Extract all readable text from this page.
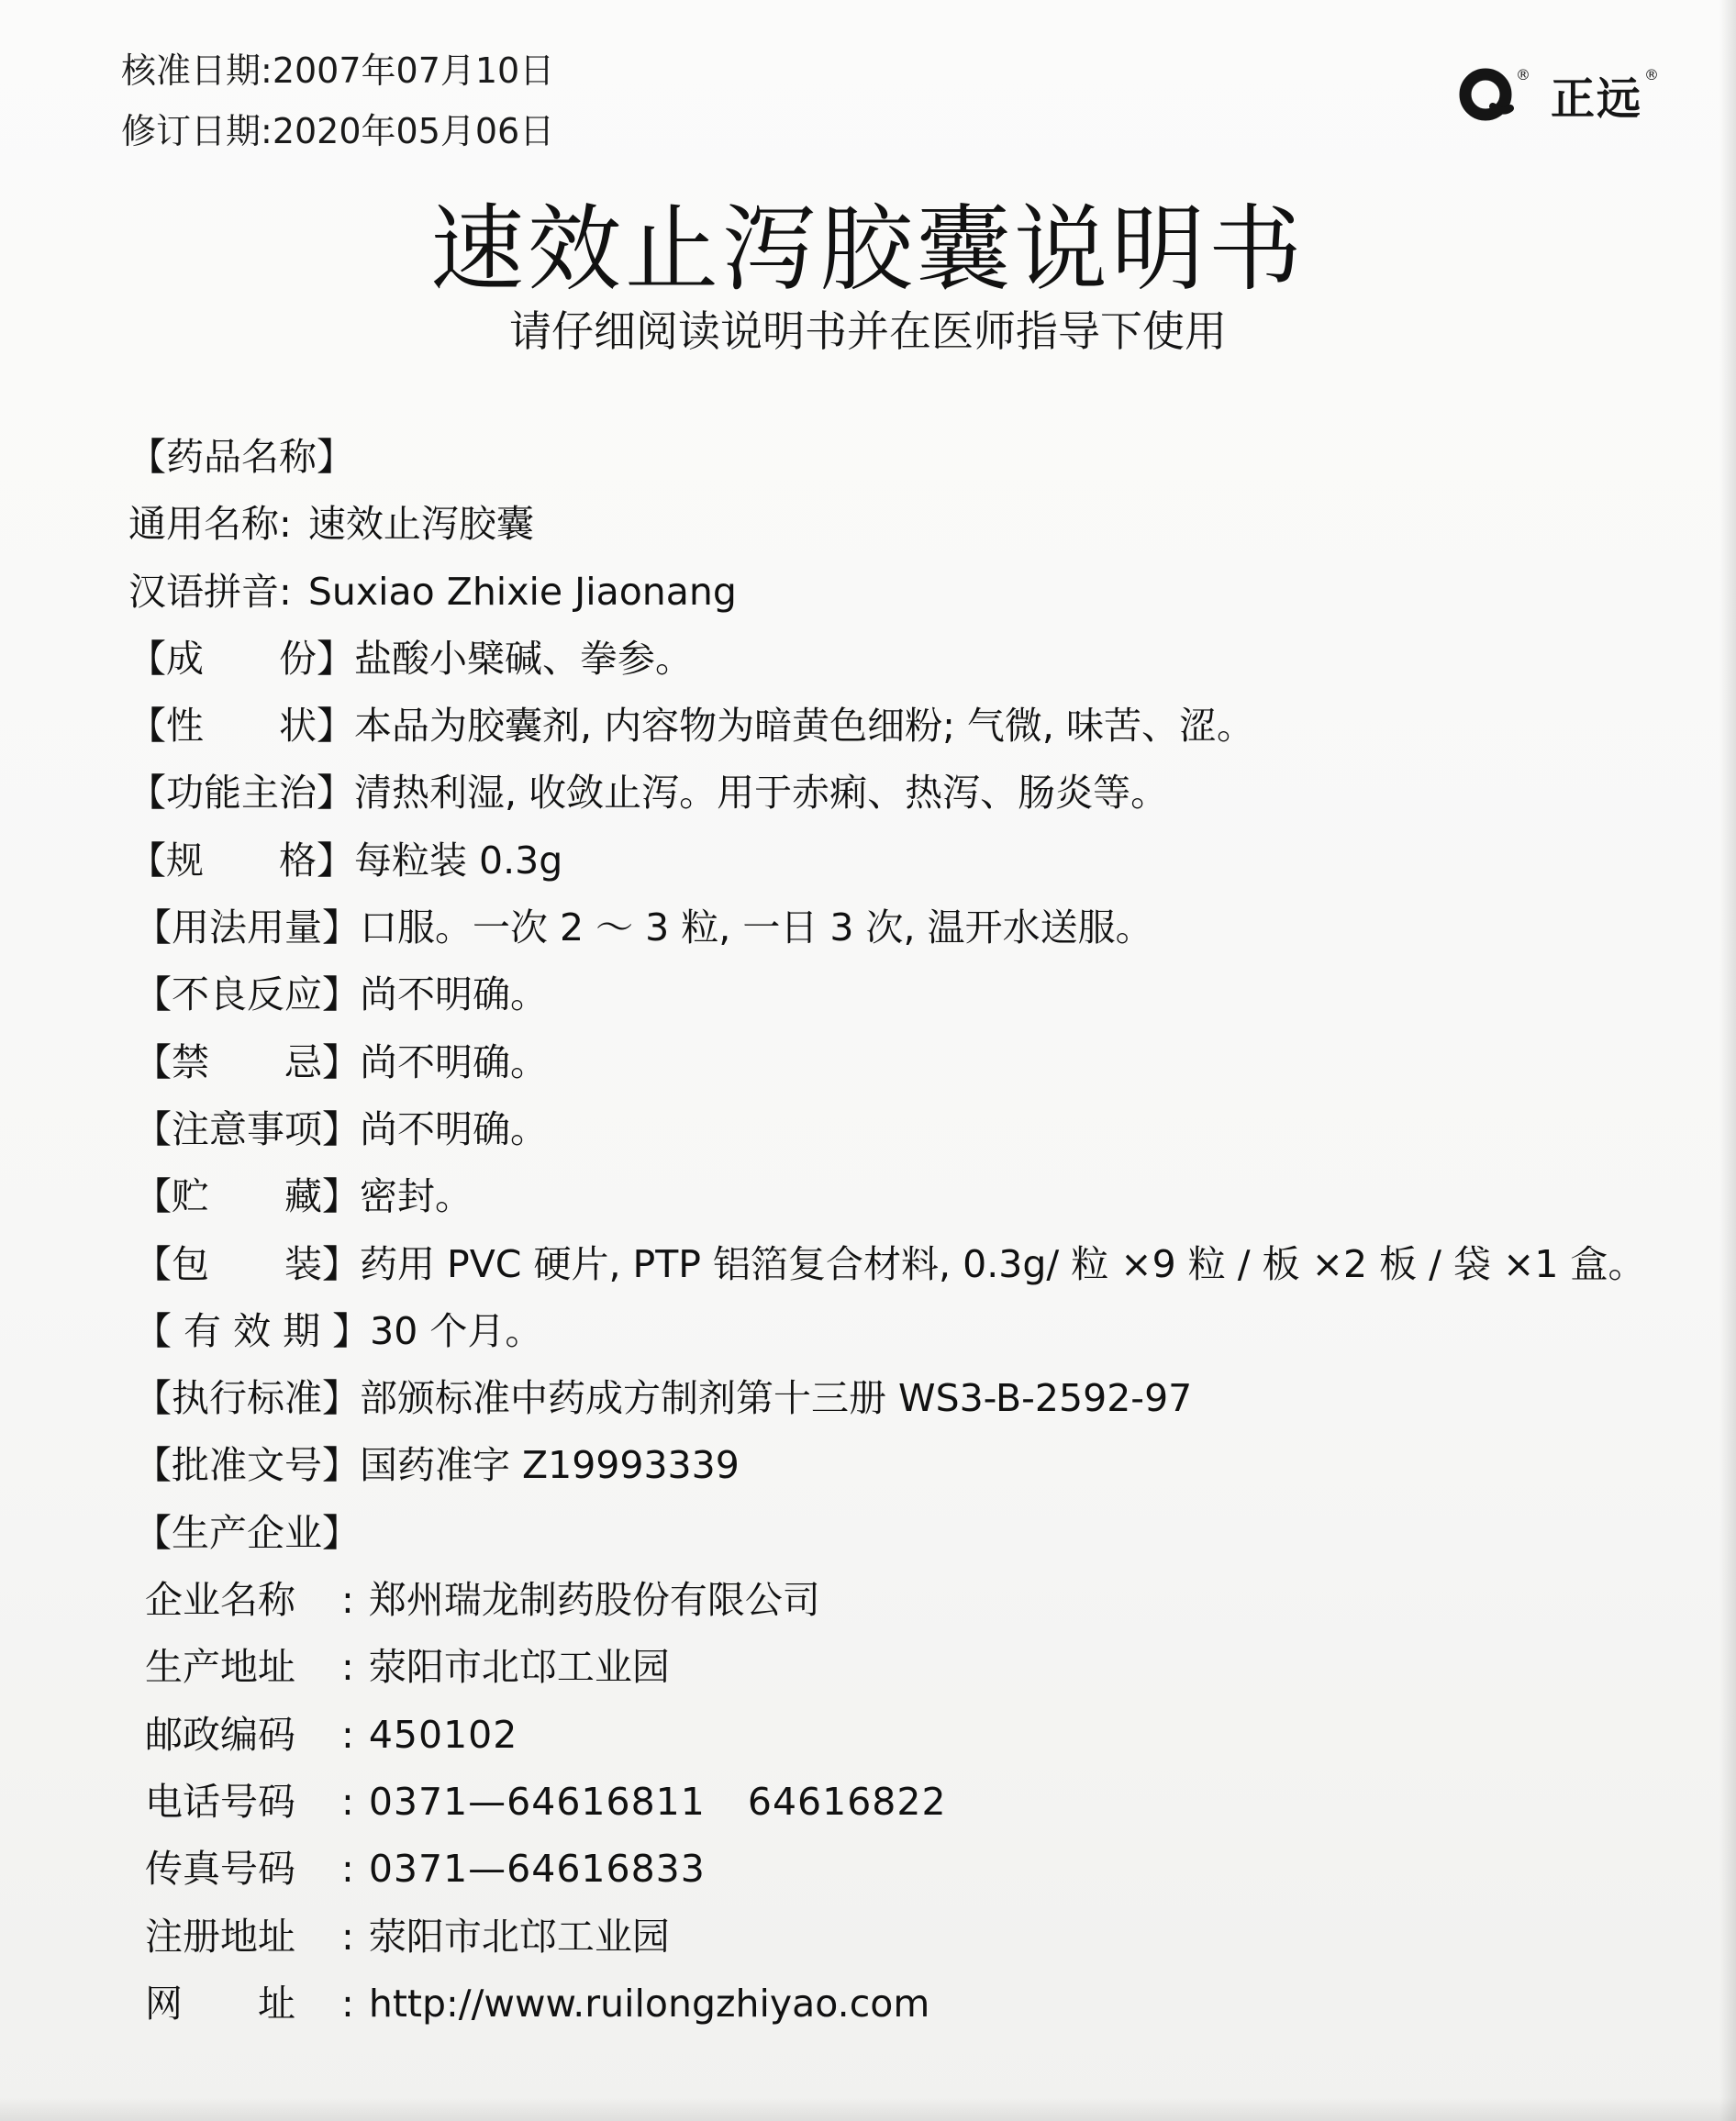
核准日期:2007年07月10日
修订日期:2020年05月06日
® 正远 ®
速效止泻胶囊说明书
请仔细阅读说明书并在医师指导下使用
【药品名称】
通用名称: 速效止泻胶囊
汉语拼音: Suxiao Zhixie Jiaonang
【成　　份】 盐酸小檗碱、拳参。
【性　　状】 本品为胶囊剂, 内容物为暗黄色细粉; 气微, 味苦、涩。
【功能主治】 清热利湿, 收敛止泻。用于赤痢、热泻、肠炎等。
【规　　格】 每粒装 0.3g
【用法用量】 口服。一次 2 ～ 3 粒, 一日 3 次, 温开水送服。
【不良反应】 尚不明确。
【禁　　忌】 尚不明确。
【注意事项】 尚不明确。
【贮　　藏】 密封。
【包　　装】 药用 PVC 硬片, PTP 铝箔复合材料, 0.3g/ 粒 ×9 粒 / 板 ×2 板 / 袋 ×1 盒。
【 有 效 期 】 30 个月。
【执行标准】 部颁标准中药成方制剂第十三册 WS3-B-2592-97
【批准文号】 国药准字 Z19993339
【生产企业】
企业名称	: 郑州瑞龙制药股份有限公司
生产地址	: 荥阳市北邙工业园
邮政编码	: 450102
电话号码	: 0371—64616811 64616822
传真号码	: 0371—64616833
注册地址	: 荥阳市北邙工业园
网　　址	: http://www.ruilongzhiyao.com
